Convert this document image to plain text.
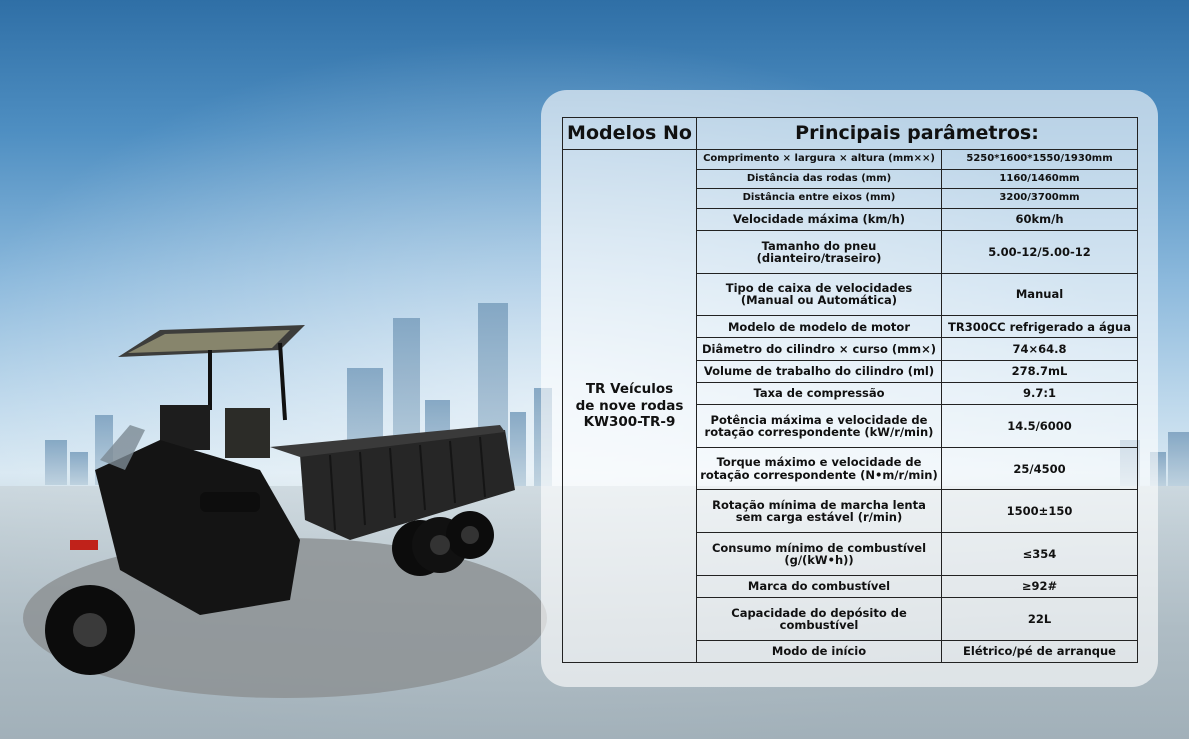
Modelos No	Principais parâmetros:	
TR Veículos
de nove rodas
KW300-TR-9	Comprimento × largura × altura (mm××)	5250*1600*1550/1930mm
	Distância das rodas (mm)	1160/1460mm
	Distância entre eixos (mm)	3200/3700mm
	Velocidade máxima (km/h)	60km/h
	Tamanho do pneu (dianteiro/traseiro)	5.00-12/5.00-12
	Tipo de caixa de velocidades (Manual ou Automática)	Manual
	Modelo de modelo de motor	TR300CC refrigerado a água
	Diâmetro do cilindro × curso (mm×)	74×64.8
	Volume de trabalho do cilindro (ml)	278.7mL
	Taxa de compressão	9.7:1
	Potência máxima e velocidade de rotação correspondente (kW/r/min)	14.5/6000
	Torque máximo e velocidade de rotação correspondente (N•m/r/min)	25/4500
	Rotação mínima de marcha lenta sem carga estável (r/min)	1500±150
	Consumo mínimo de combustível (g/(kW•h))	≤354
	Marca do combustível	≥92#
	Capacidade do depósito de combustível	22L
	Modo de início	Elétrico/pé de arranque
